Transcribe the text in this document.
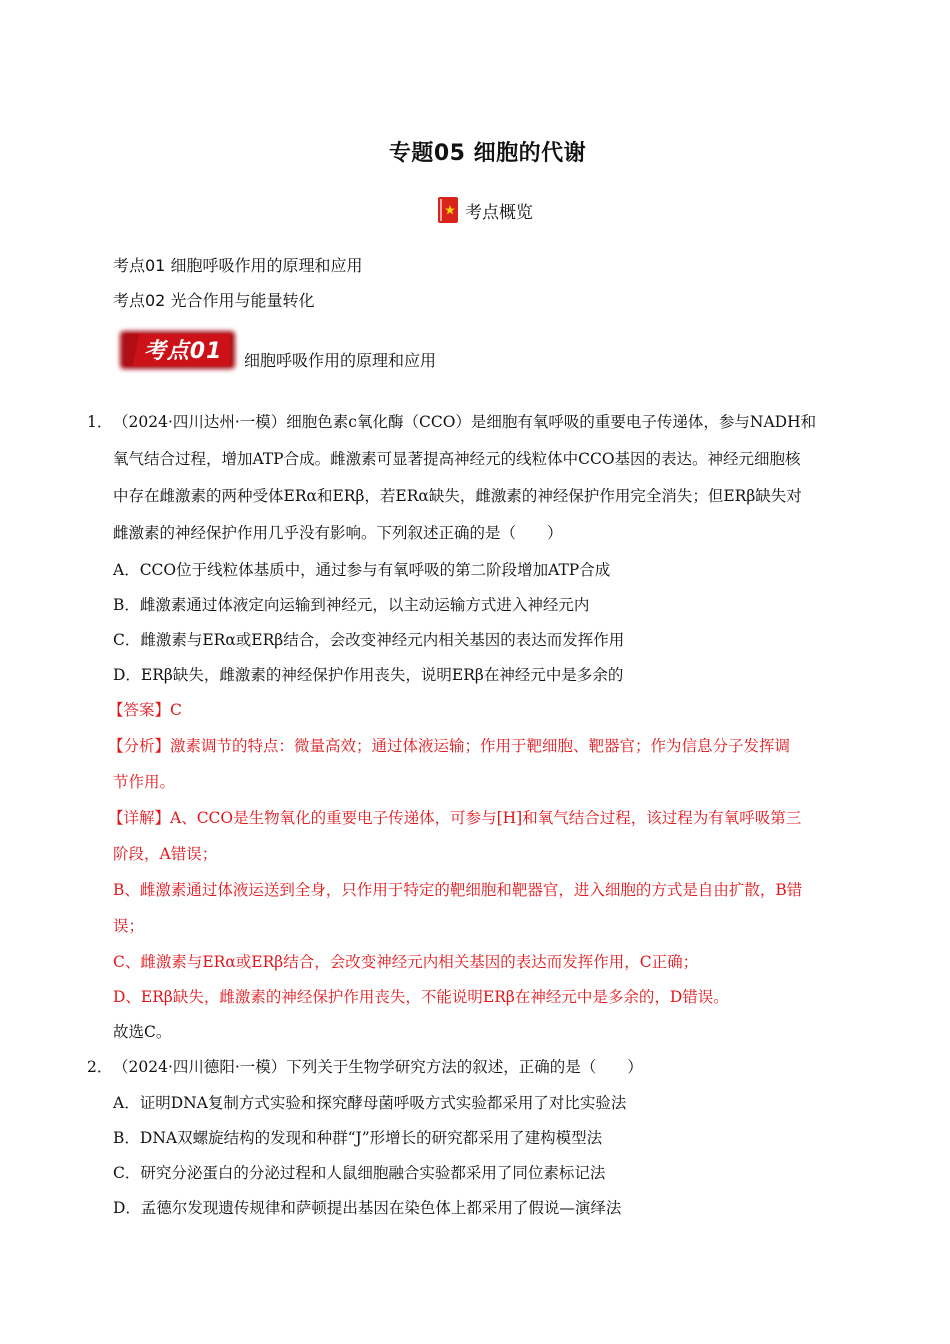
专题05 细胞的代谢
考点概览
考点01 细胞呼吸作用的原理和应用
考点02 光合作用与能量转化
考点01	细胞呼吸作用的原理和应用
1． （2024·四川达州·一模）细胞色素c氧化酶（CCO）是细胞有氧呼吸的重要电子传递体，参与NADH和
氧气结合过程，增加ATP合成。雌激素可显著提高神经元的线粒体中CCO基因的表达。神经元细胞核
中存在雌激素的两种受体ERα和ERβ，若ERα缺失，雌激素的神经保护作用完全消失；但ERβ缺失对
雌激素的神经保护作用几乎没有影响。下列叙述正确的是（　　）
A．CCO位于线粒体基质中，通过参与有氧呼吸的第二阶段增加ATP合成
B．雌激素通过体液定向运输到神经元，以主动运输方式进入神经元内
C．雌激素与ERα或ERβ结合，会改变神经元内相关基因的表达而发挥作用
D．ERβ缺失，雌激素的神经保护作用丧失，说明ERβ在神经元中是多余的
【答案】C
【分析】激素调节的特点：微量高效；通过体液运输；作用于靶细胞、靶器官；作为信息分子发挥调
节作用。
【详解】A、CCO是生物氧化的重要电子传递体，可参与[H]和氧气结合过程，该过程为有氧呼吸第三
阶段，A错误；
B、雌激素通过体液运送到全身，只作用于特定的靶细胞和靶器官，进入细胞的方式是自由扩散，B错
误；
C、雌激素与ERα或ERβ结合，会改变神经元内相关基因的表达而发挥作用，C正确；
D、ERβ缺失，雌激素的神经保护作用丧失，不能说明ERβ在神经元中是多余的，D错误。
故选C。
2． （2024·四川德阳·一模）下列关于生物学研究方法的叙述，正确的是（　　）
A．证明DNA复制方式实验和探究酵母菌呼吸方式实验都采用了对比实验法
B．DNA双螺旋结构的发现和种群“J”形增长的研究都采用了建构模型法
C．研究分泌蛋白的分泌过程和人鼠细胞融合实验都采用了同位素标记法
D．孟德尔发现遗传规律和萨顿提出基因在染色体上都采用了假说—演绎法
